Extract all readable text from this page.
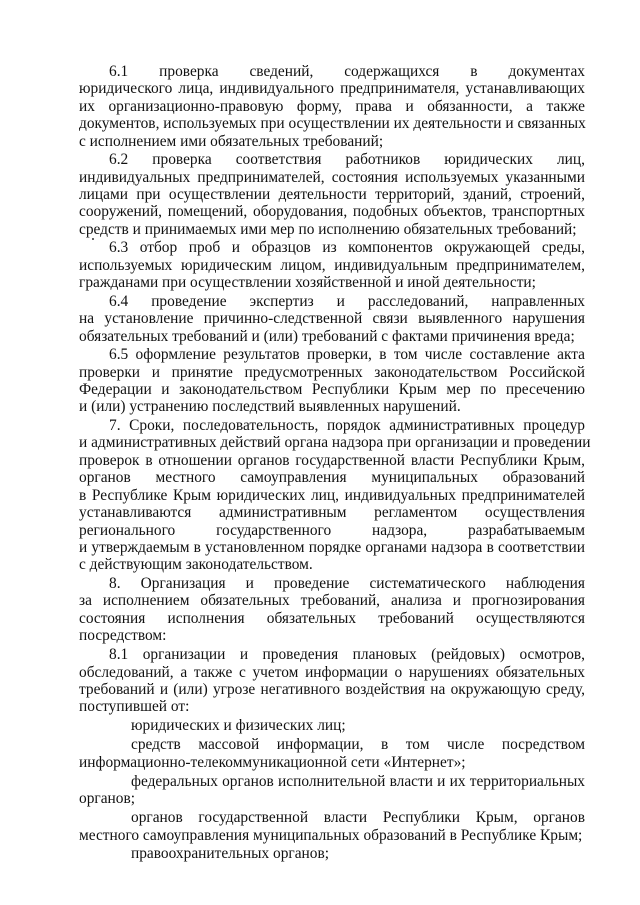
6.1 проверка сведений, содержащихся в документах
юридического лица, индивидуального предпринимателя, устанавливающих
их организационно-правовую форму, права и обязанности, а также
документов, используемых при осуществлении их деятельности и связанных
с исполнением ими обязательных требований;

6.2 проверка соответствия работников юридических лиц,
индивидуальных предпринимателей, состояния используемых указанными
лицами при осуществлении деятельности территорий, зданий, строений,
сооружений, помещений, оборудования, подобных объектов, транспортных
средств и принимаемых ими мер по исполнению обязательных требований;

6.3 отбор проб и образцов из компонентов окружающей среды,
используемых юридическим лицом, индивидуальным предпринимателем,
гражданами при осуществлении хозяйственной и иной деятельности;

6.4 проведение экспертиз и расследований, направленных
на установление причинно-следственной связи выявленного нарушения
обязательных требований и (или) требований с фактами причинения вреда;

6.5 оформление результатов проверки, в том числе составление акта
проверки и принятие предусмотренных законодательством Российской
Федерации и законодательством Республики Крым мер по пресечению
и (или) устранению последствий выявленных нарушений.

7. Сроки, последовательность, порядок административных процедур
и административных действий органа надзора при организации и проведении
проверок в отношении органов государственной власти Республики Крым,
органов местного самоуправления муниципальных образований
в Республике Крым юридических лиц, индивидуальных предпринимателей
устанавливаются административным регламентом осуществления
регионального государственного надзора, разрабатываемым
и утверждаемым в установленном порядке органами надзора в соответствии
с действующим законодательством.

8. Организация и проведение систематического наблюдения
за исполнением обязательных требований, анализа и прогнозирования
состояния исполнения обязательных требований осуществляются
посредством:

8.1 организации и проведения плановых (рейдовых) осмотров,
обследований, а также с учетом информации о нарушениях обязательных
требований и (или) угрозе негативного воздействия на окружающую среду,
поступившей от:

юридических и физических лиц;

средств массовой информации, в том числе посредством
информационно-телекоммуникационной сети «Интернет»;

федеральных органов исполнительной власти и их территориальных
органов;

органов государственной власти Республики Крым, органов
местного самоуправления муниципальных образований в Республике Крым;

правоохранительных органов;
